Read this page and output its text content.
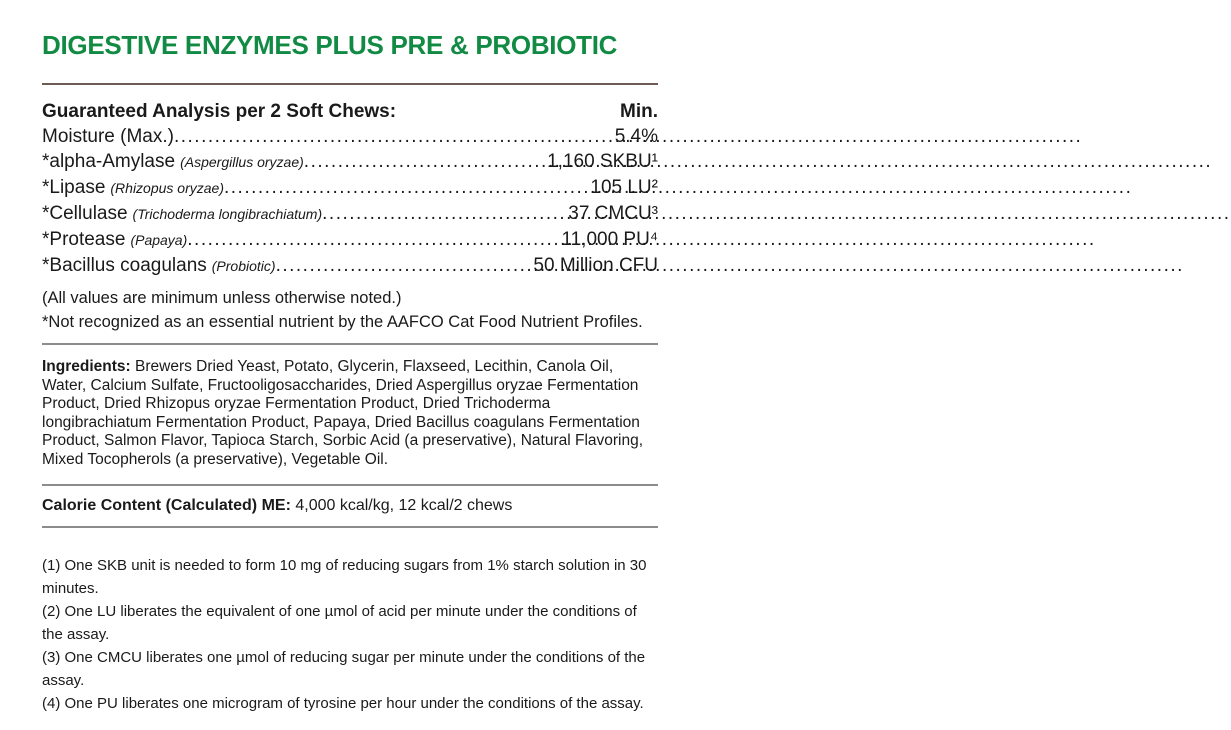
DIGESTIVE ENZYMES PLUS PRE & PROBIOTIC
Guaranteed Analysis per 2 Soft Chews:	Min.
Moisture (Max.) .....	5.4%
*alpha-Amylase (Aspergillus oryzae) .....	1,160 SKBU¹
*Lipase (Rhizopus oryzae) .....	105 LU²
*Cellulase (Trichoderma longibrachiatum) .....	37 CMCU³
*Protease (Papaya) .....	11,000 PU⁴
*Bacillus coagulans (Probiotic) .....	50 Million CFU

(All values are minimum unless otherwise noted.)

*Not recognized as an essential nutrient by the AAFCO Cat Food Nutrient Profiles.

Ingredients: Brewers Dried Yeast, Potato, Glycerin, Flaxseed, Lecithin, Canola Oil, Water, Calcium Sulfate, Fructooligosaccharides, Dried Aspergillus oryzae Fermentation Product, Dried Rhizopus oryzae Fermentation Product, Dried Trichoderma longibrachiatum Fermentation Product, Papaya, Dried Bacillus coagulans Fermentation Product, Salmon Flavor, Tapioca Starch, Sorbic Acid (a preservative), Natural Flavoring, Mixed Tocopherols (a preservative), Vegetable Oil.

Calorie Content (Calculated) ME: 4,000 kcal/kg, 12 kcal/2 chews

(1) One SKB unit is needed to form 10 mg of reducing sugars from 1% starch solution in 30 minutes.

(2) One LU liberates the equivalent of one µmol of acid per minute under the conditions of the assay.

(3) One CMCU liberates one µmol of reducing sugar per minute under the conditions of the assay.

(4) One PU liberates one microgram of tyrosine per hour under the conditions of the assay.
